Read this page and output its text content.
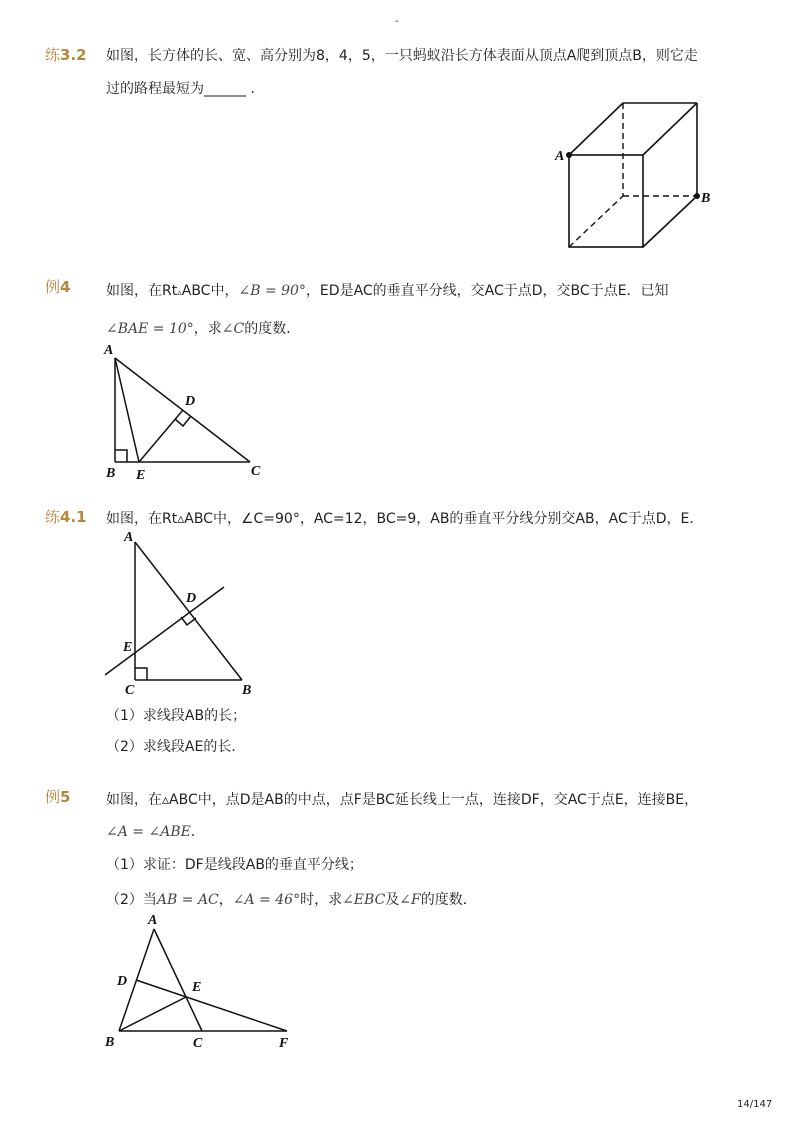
-
练3.2 如图，长方体的长、宽、高分别为8，4，5，一只蚂蚁沿长方体表面从顶点A爬到顶点B，则它走
过的路程最短为______ .
A
B
例4	如图，在Rt▵ABC中，∠B = 90°，ED是AC的垂直平分线，交AC于点D，交BC于点E．已知
∠BAE = 10°，求∠C的度数．
A
D
B E	C
练4.1 如图，在Rt▵ABC中，∠C=90°，AC=12，BC=9，AB的垂直平分线分别交AB，AC于点D，E．
A
D
E
C	B
（1）求线段AB的长；
（2）求线段AE的长．
例5	如图，在▵ABC中，点D是AB的中点，点F是BC延长线上一点，连接DF，交AC于点E，连接BE，
∠A = ∠ABE．
（1）求证：DF是线段AB的垂直平分线；
（2）当AB = AC，∠A = 46°时，求∠EBC及∠F的度数．
A
D	E
B	C	F
14/147
